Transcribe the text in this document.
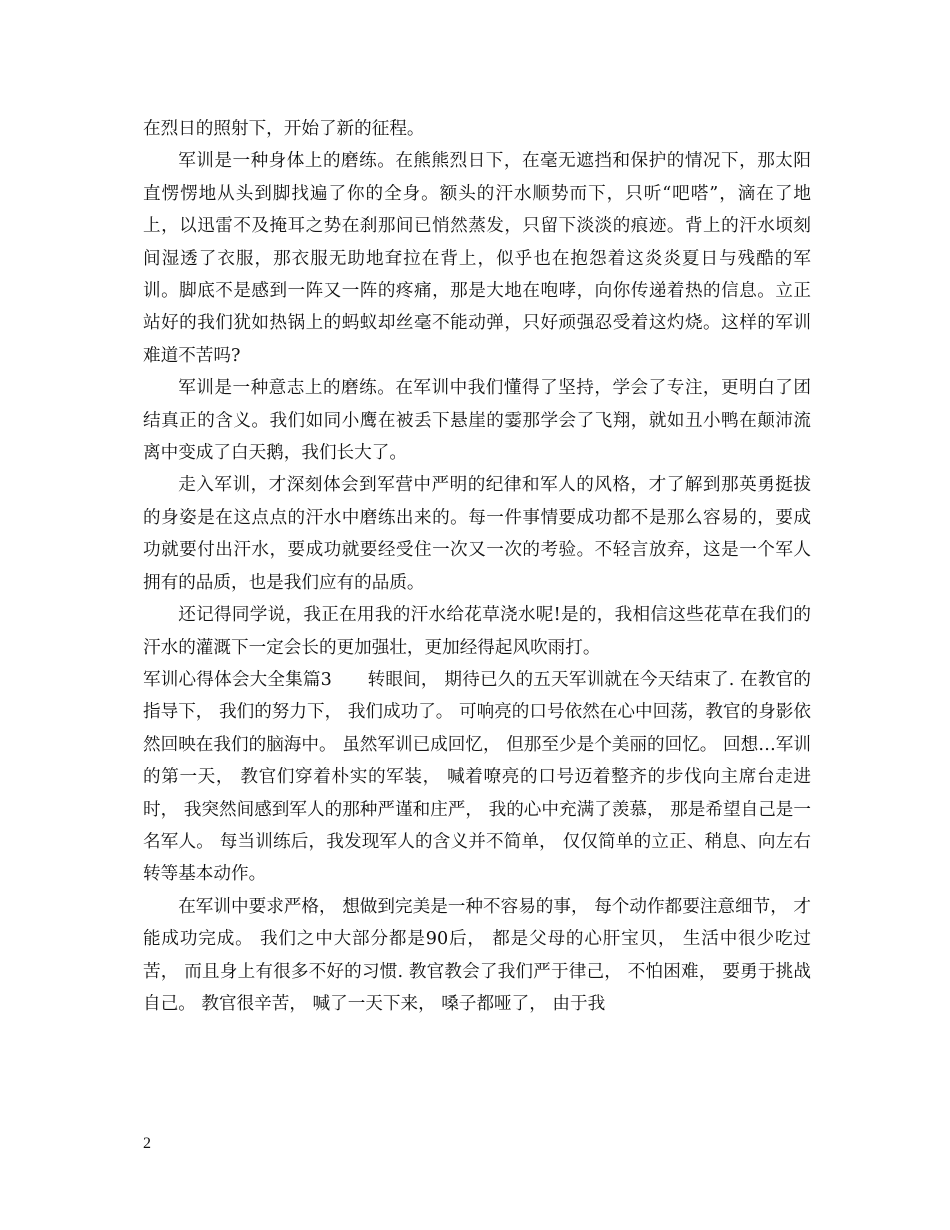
在烈日的照射下，开始了新的征程。

军训是一种身体上的磨练。在熊熊烈日下，在毫无遮挡和保护的情况下，那太阳直愣愣地从头到脚找遍了你的全身。额头的汗水顺势而下，只听“吧嗒”，滴在了地上，以迅雷不及掩耳之势在刹那间已悄然蒸发，只留下淡淡的痕迹。背上的汗水顷刻间湿透了衣服，那衣服无助地耷拉在背上，似乎也在抱怨着这炎炎夏日与残酷的军训。脚底不是感到一阵又一阵的疼痛，那是大地在咆哮，向你传递着热的信息。立正站好的我们犹如热锅上的蚂蚁却丝毫不能动弹，只好顽强忍受着这灼烧。这样的军训难道不苦吗?

军训是一种意志上的磨练。在军训中我们懂得了坚持，学会了专注，更明白了团结真正的含义。我们如同小鹰在被丢下悬崖的霎那学会了飞翔，就如丑小鸭在颠沛流离中变成了白天鹅，我们长大了。

走入军训，才深刻体会到军营中严明的纪律和军人的风格，才了解到那英勇挺拔的身姿是在这点点的汗水中磨练出来的。每一件事情要成功都不是那么容易的，要成功就要付出汗水，要成功就要经受住一次又一次的考验。不轻言放弃，这是一个军人拥有的品质，也是我们应有的品质。

还记得同学说，我正在用我的汗水给花草浇水呢!是的，我相信这些花草在我们的汗水的灌溉下一定会长的更加强壮，更加经得起风吹雨打。

军训心得体会大全集篇3　　转眼间， 期待已久的五天军训就在今天结束了. 在教官的指导下， 我们的努力下， 我们成功了。 可响亮的口号依然在心中回荡，教官的身影依然回映在我们的脑海中。 虽然军训已成回忆， 但那至少是个美丽的回忆。 回想…军训的第一天， 教官们穿着朴实的军装， 喊着嘹亮的口号迈着整齐的步伐向主席台走进时， 我突然间感到军人的那种严谨和庄严， 我的心中充满了羡慕， 那是希望自己是一名军人。 每当训练后，我发现军人的含义并不简单， 仅仅简单的立正、稍息、向左右转等基本动作。

在军训中要求严格， 想做到完美是一种不容易的事， 每个动作都要注意细节， 才能成功完成。 我们之中大部分都是90后， 都是父母的心肝宝贝， 生活中很少吃过苦， 而且身上有很多不好的习惯. 教官教会了我们严于律己， 不怕困难， 要勇于挑战自己。 教官很辛苦， 喊了一天下来， 嗓子都哑了， 由于我

2
